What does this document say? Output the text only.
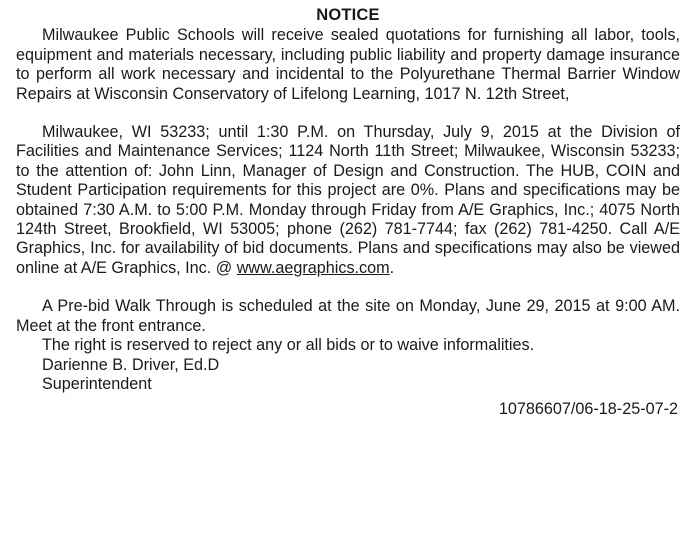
NOTICE

Milwaukee Public Schools will receive sealed quotations for furnishing all labor, tools, equipment and materials necessary, including public liability and property damage insurance to perform all work necessary and incidental to the Polyurethane Thermal Barrier Window Repairs at Wisconsin Conservatory of Lifelong Learning, 1017 N. 12th Street,

Milwaukee, WI 53233; until 1:30 P.M. on Thursday, July 9, 2015 at the Division of Facilities and Maintenance Services; 1124 North 11th Street; Milwaukee, Wisconsin 53233; to the attention of: John Linn, Manager of Design and Construction. The HUB, COIN and Student Participation requirements for this project are 0%. Plans and specifications may be obtained 7:30 A.M. to 5:00 P.M. Monday through Friday from A/E Graphics, Inc.; 4075 North 124th Street, Brookfield, WI 53005; phone (262) 781-7744; fax (262) 781-4250. Call A/E Graphics, Inc. for availability of bid documents. Plans and specifications may also be viewed online at A/E Graphics, Inc. @ www.aegraphics.com.

A Pre-bid Walk Through is scheduled at the site on Monday, June 29, 2015 at 9:00 AM. Meet at the front entrance.

The right is reserved to reject any or all bids or to waive informalities.

Darienne B. Driver, Ed.D

Superintendent

10786607/06-18-25-07-2
